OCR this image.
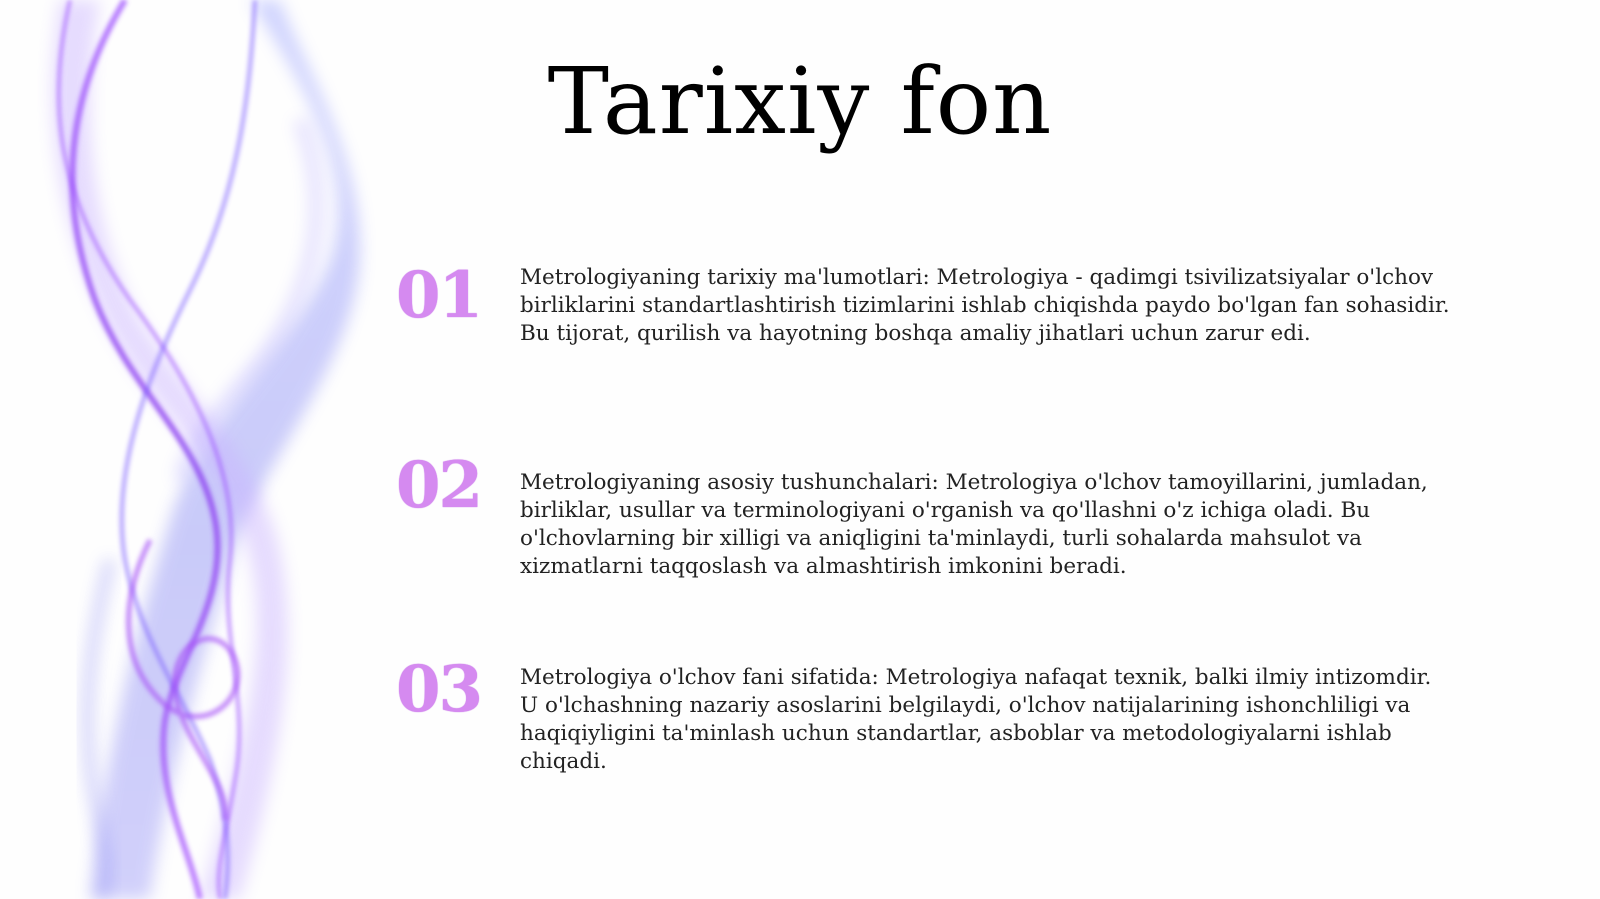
Tarixiy fon
01	Metrologiyaning tarixiy ma'lumotlari: Metrologiya - qadimgi tsivilizatsiyalar o'lchov birliklarini standartlashtirish tizimlarini ishlab chiqishda paydo bo'lgan fan sohasidir. Bu tijorat, qurilish va hayotning boshqa amaliy jihatlari uchun zarur edi.

02	Metrologiyaning asosiy tushunchalari: Metrologiya o'lchov tamoyillarini, jumladan, birliklar, usullar va terminologiyani o'rganish va qo'llashni o'z ichiga oladi. Bu o'lchovlarning bir xilligi va aniqligini ta'minlaydi, turli sohalarda mahsulot va xizmatlarni taqqoslash va almashtirish imkonini beradi.

03	Metrologiya o'lchov fani sifatida: Metrologiya nafaqat texnik, balki ilmiy intizomdir. U o'lchashning nazariy asoslarini belgilaydi, o'lchov natijalarining ishonchliligi va haqiqiyligini ta'minlash uchun standartlar, asboblar va metodologiyalarni ishlab chiqadi.
